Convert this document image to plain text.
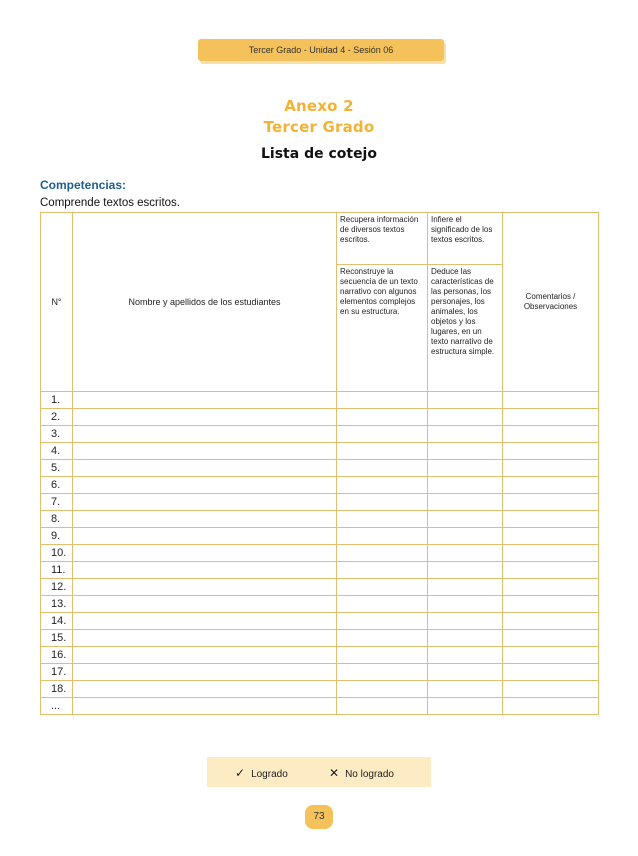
Tercer Grado - Unidad 4 - Sesión 06
Anexo 2
Tercer Grado
Lista de cotejo
Competencias:
Comprende textos escritos.
N°	Nombre y apellidos de los estudiantes	Recupera información de diversos textos escritos.	Infiere el significado de los textos escritos.	Comentarios / Observaciones
		Reconstruye la secuencia de un texto narrativo con algunos elementos complejos en su estructura.	Deduce las características de las personas, los personajes, los animales, los objetos y los lugares, en un texto narrativo de estructura simple.	
1.				
2.				
3.				
4.				
5.				
6.				
7.				
8.				
9.				
10.				
11.				
12.				
13.				
14.				
15.				
16.				
17.				
18.				
...				
✓ Logrado	✕ No logrado
73
